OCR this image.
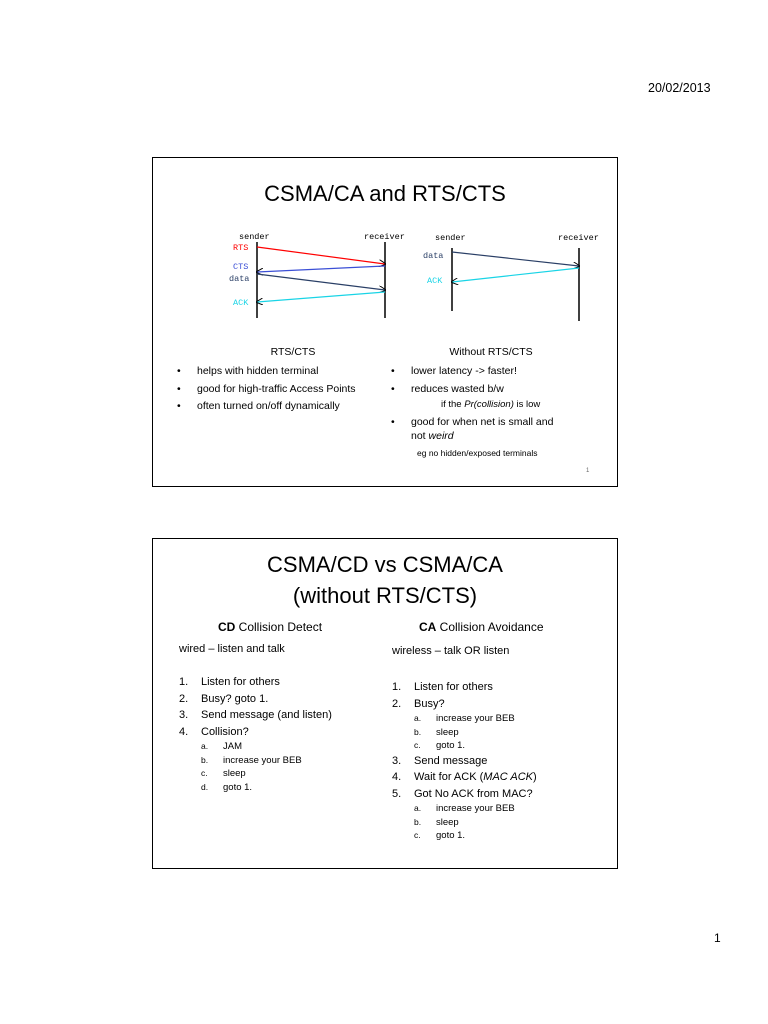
20/02/2013
CSMA/CA and RTS/CTS
sender	receiver
RTS
CTS
data
ACK
sender	receiver
data
ACK
RTS/CTS
• helps with hidden terminal
• good for high-traffic Access Points
• often turned on/off dynamically
Without RTS/CTS
• lower latency -> faster!
• reduces wasted b/w
if the Pr(collision) is low
• good for when net is small and
not weird
eg no hidden/exposed terminals
1
CSMA/CD vs CSMA/CA
(without RTS/CTS)
CD Collision Detect
wired – listen and talk
1. Listen for others
2. Busy? goto 1.
3. Send message (and listen)
4. Collision?
a. JAM
b. increase your BEB
c. sleep
d. goto 1.
CA Collision Avoidance
wireless – talk OR listen
1. Listen for others
2. Busy?
a. increase your BEB
b. sleep
c. goto 1.
3. Send message
4. Wait for ACK (MAC ACK)
5. Got No ACK from MAC?
a. increase your BEB
b. sleep
c. goto 1.
1
